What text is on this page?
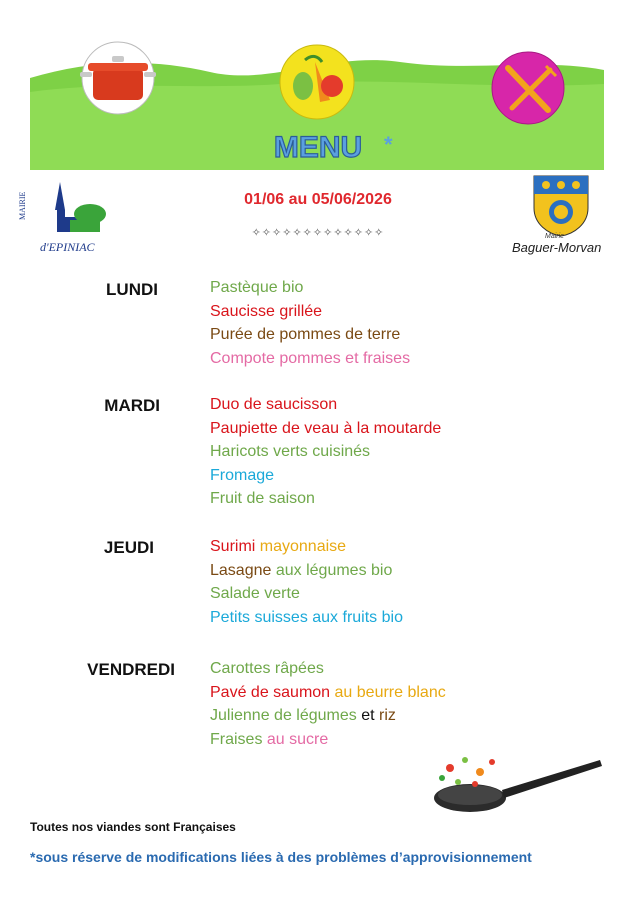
MENU *
MAIRIE
d'EPINIAC
Mairie
Baguer-Morvan
01/06 au 05/06/2026
✧✧✧✧✧✧✧✧✧✧✧✧✧
LUNDI	Pastèque bio
Saucisse grillée
Purée de pommes de terre
Compote pommes et fraises
MARDI	Duo de saucisson
Paupiette de veau à la moutarde
Haricots verts cuisinés
Fromage
Fruit de saison
JEUDI	Surimi mayonnaise
Lasagne aux légumes bio
Salade verte
Petits suisses aux fruits bio
VENDREDI Carottes râpées
Pavé de saumon au beurre blanc
Julienne de légumes et riz
Fraises au sucre
Toutes nos viandes sont Françaises
*sous réserve de modifications liées à des problèmes d’approvisionnement
